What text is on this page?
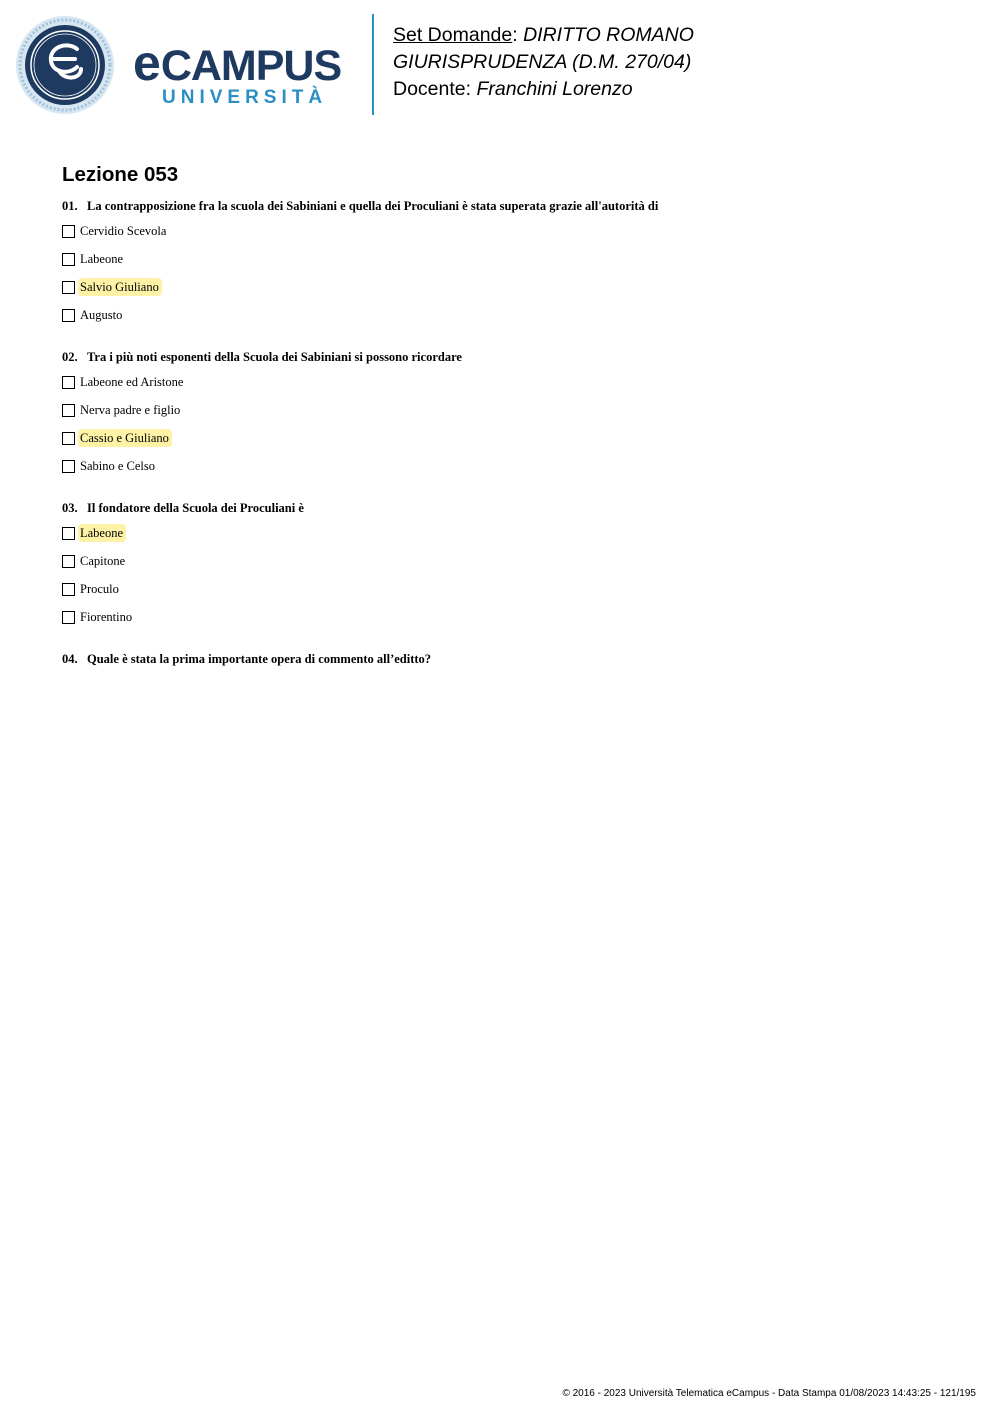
eCAMPUS
UNIVERSITÀ
Set Domande: DIRITTO ROMANO
GIURISPRUDENZA (D.M. 270/04)
Docente: Franchini Lorenzo
Lezione 053
01. La contrapposizione fra la scuola dei Sabiniani e quella dei Proculiani è stata superata grazie all'autorità di
Cervidio Scevola
Labeone
Salvio Giuliano
Augusto
02. Tra i più noti esponenti della Scuola dei Sabiniani si possono ricordare
Labeone ed Aristone
Nerva padre e figlio
Cassio e Giuliano
Sabino e Celso
03. Il fondatore della Scuola dei Proculiani è
Labeone
Capitone
Proculo
Fiorentino
04. Quale è stata la prima importante opera di commento all’editto?
© 2016 - 2023 Università Telematica eCampus - Data Stampa 01/08/2023 14:43:25 - 121/195
